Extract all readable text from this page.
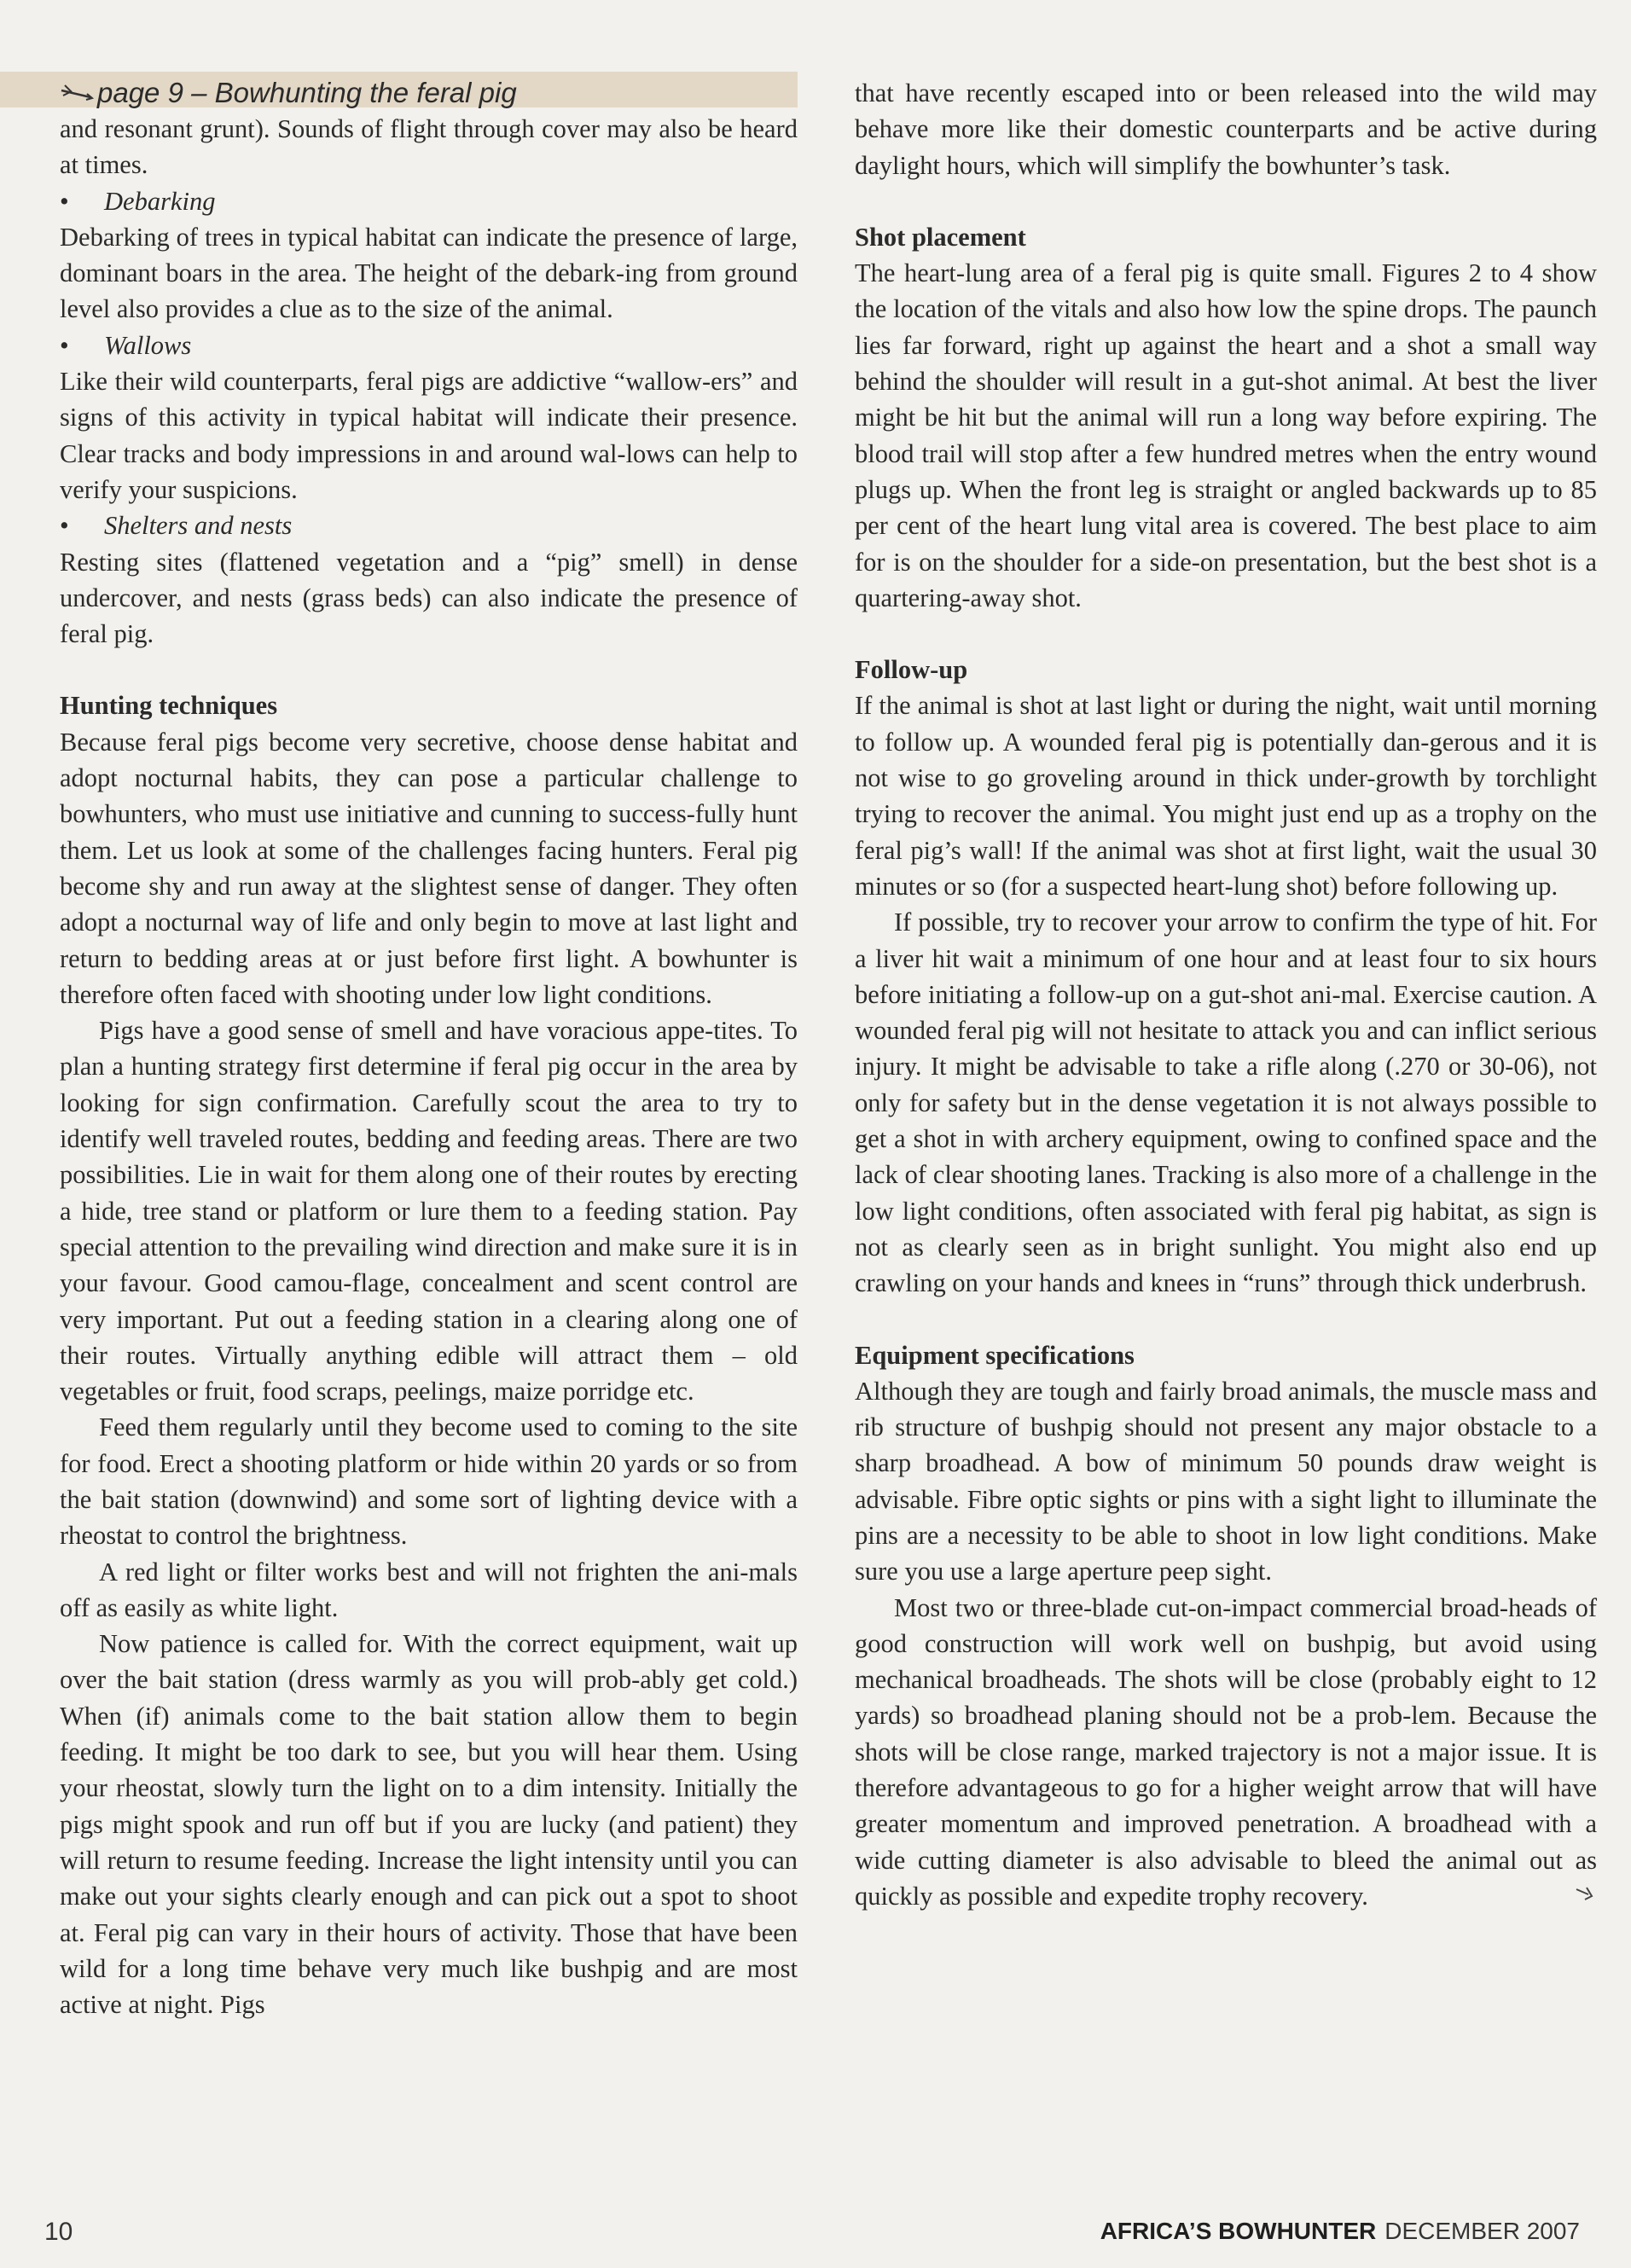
page 9 – Bowhunting the feral pig

and resonant grunt). Sounds of flight through cover may also be heard at times.

• Debarking

Debarking of trees in typical habitat can indicate the presence of large, dominant boars in the area. The height of the debark-ing from ground level also provides a clue as to the size of the animal.

• Wallows

Like their wild counterparts, feral pigs are addictive “wallow-ers” and signs of this activity in typical habitat will indicate their presence. Clear tracks and body impressions in and around wal-lows can help to verify your suspicions.

• Shelters and nests

Resting sites (flattened vegetation and a “pig” smell) in dense undercover, and nests (grass beds) can also indicate the presence of feral pig.

Hunting techniques

Because feral pigs become very secretive, choose dense habitat and adopt nocturnal habits, they can pose a particular challenge to bowhunters, who must use initiative and cunning to success-fully hunt them. Let us look at some of the challenges facing hunters. Feral pig become shy and run away at the slightest sense of danger. They often adopt a nocturnal way of life and only begin to move at last light and return to bedding areas at or just before first light. A bowhunter is therefore often faced with shooting under low light conditions.

Pigs have a good sense of smell and have voracious appe-tites. To plan a hunting strategy first determine if feral pig occur in the area by looking for sign confirmation. Carefully scout the area to try to identify well traveled routes, bedding and feeding areas. There are two possibilities. Lie in wait for them along one of their routes by erecting a hide, tree stand or platform or lure them to a feeding station. Pay special attention to the prevailing wind direction and make sure it is in your favour. Good camou-flage, concealment and scent control are very important. Put out a feeding station in a clearing along one of their routes. Virtually anything edible will attract them – old vegetables or fruit, food scraps, peelings, maize porridge etc.

Feed them regularly until they become used to coming to the site for food. Erect a shooting platform or hide within 20 yards or so from the bait station (downwind) and some sort of lighting device with a rheostat to control the brightness.

A red light or filter works best and will not frighten the ani-mals off as easily as white light.

Now patience is called for. With the correct equipment, wait up over the bait station (dress warmly as you will prob-ably get cold.) When (if) animals come to the bait station allow them to begin feeding. It might be too dark to see, but you will hear them. Using your rheostat, slowly turn the light on to a dim intensity. Initially the pigs might spook and run off but if you are lucky (and patient) they will return to resume feeding. Increase the light intensity until you can make out your sights clearly enough and can pick out a spot to shoot at. Feral pig can vary in their hours of activity. Those that have been wild for a long time behave very much like bushpig and are most active at night. Pigs

that have recently escaped into or been released into the wild may behave more like their domestic counterparts and be active during daylight hours, which will simplify the bowhunter’s task.

Shot placement

The heart-lung area of a feral pig is quite small. Figures 2 to 4 show the location of the vitals and also how low the spine drops. The paunch lies far forward, right up against the heart and a shot a small way behind the shoulder will result in a gut-shot animal. At best the liver might be hit but the animal will run a long way before expiring. The blood trail will stop after a few hundred metres when the entry wound plugs up. When the front leg is straight or angled backwards up to 85 per cent of the heart lung vital area is covered. The best place to aim for is on the shoulder for a side-on presentation, but the best shot is a quartering-away shot.

Follow-up

If the animal is shot at last light or during the night, wait until morning to follow up. A wounded feral pig is potentially dan-gerous and it is not wise to go groveling around in thick under-growth by torchlight trying to recover the animal. You might just end up as a trophy on the feral pig’s wall! If the animal was shot at first light, wait the usual 30 minutes or so (for a suspected heart-lung shot) before following up.

If possible, try to recover your arrow to confirm the type of hit. For a liver hit wait a minimum of one hour and at least four to six hours before initiating a follow-up on a gut-shot ani-mal. Exercise caution. A wounded feral pig will not hesitate to attack you and can inflict serious injury. It might be advisable to take a rifle along (.270 or 30-06), not only for safety but in the dense vegetation it is not always possible to get a shot in with archery equipment, owing to confined space and the lack of clear shooting lanes. Tracking is also more of a challenge in the low light conditions, often associated with feral pig habitat, as sign is not as clearly seen as in bright sunlight. You might also end up crawling on your hands and knees in “runs” through thick underbrush.

Equipment specifications

Although they are tough and fairly broad animals, the muscle mass and rib structure of bushpig should not present any major obstacle to a sharp broadhead. A bow of minimum 50 pounds draw weight is advisable. Fibre optic sights or pins with a sight light to illuminate the pins are a necessity to be able to shoot in low light conditions. Make sure you use a large aperture peep sight.

Most two or three-blade cut-on-impact commercial broad-heads of good construction will work well on bushpig, but avoid using mechanical broadheads. The shots will be close (probably eight to 12 yards) so broadhead planing should not be a prob-lem. Because the shots will be close range, marked trajectory is not a major issue. It is therefore advantageous to go for a higher weight arrow that will have greater momentum and improved penetration. A broadhead with a wide cutting diameter is also advisable to bleed the animal out as quickly as possible and expedite trophy recovery.

10	AFRICA’S BOWHUNTER DECEMBER 2007
